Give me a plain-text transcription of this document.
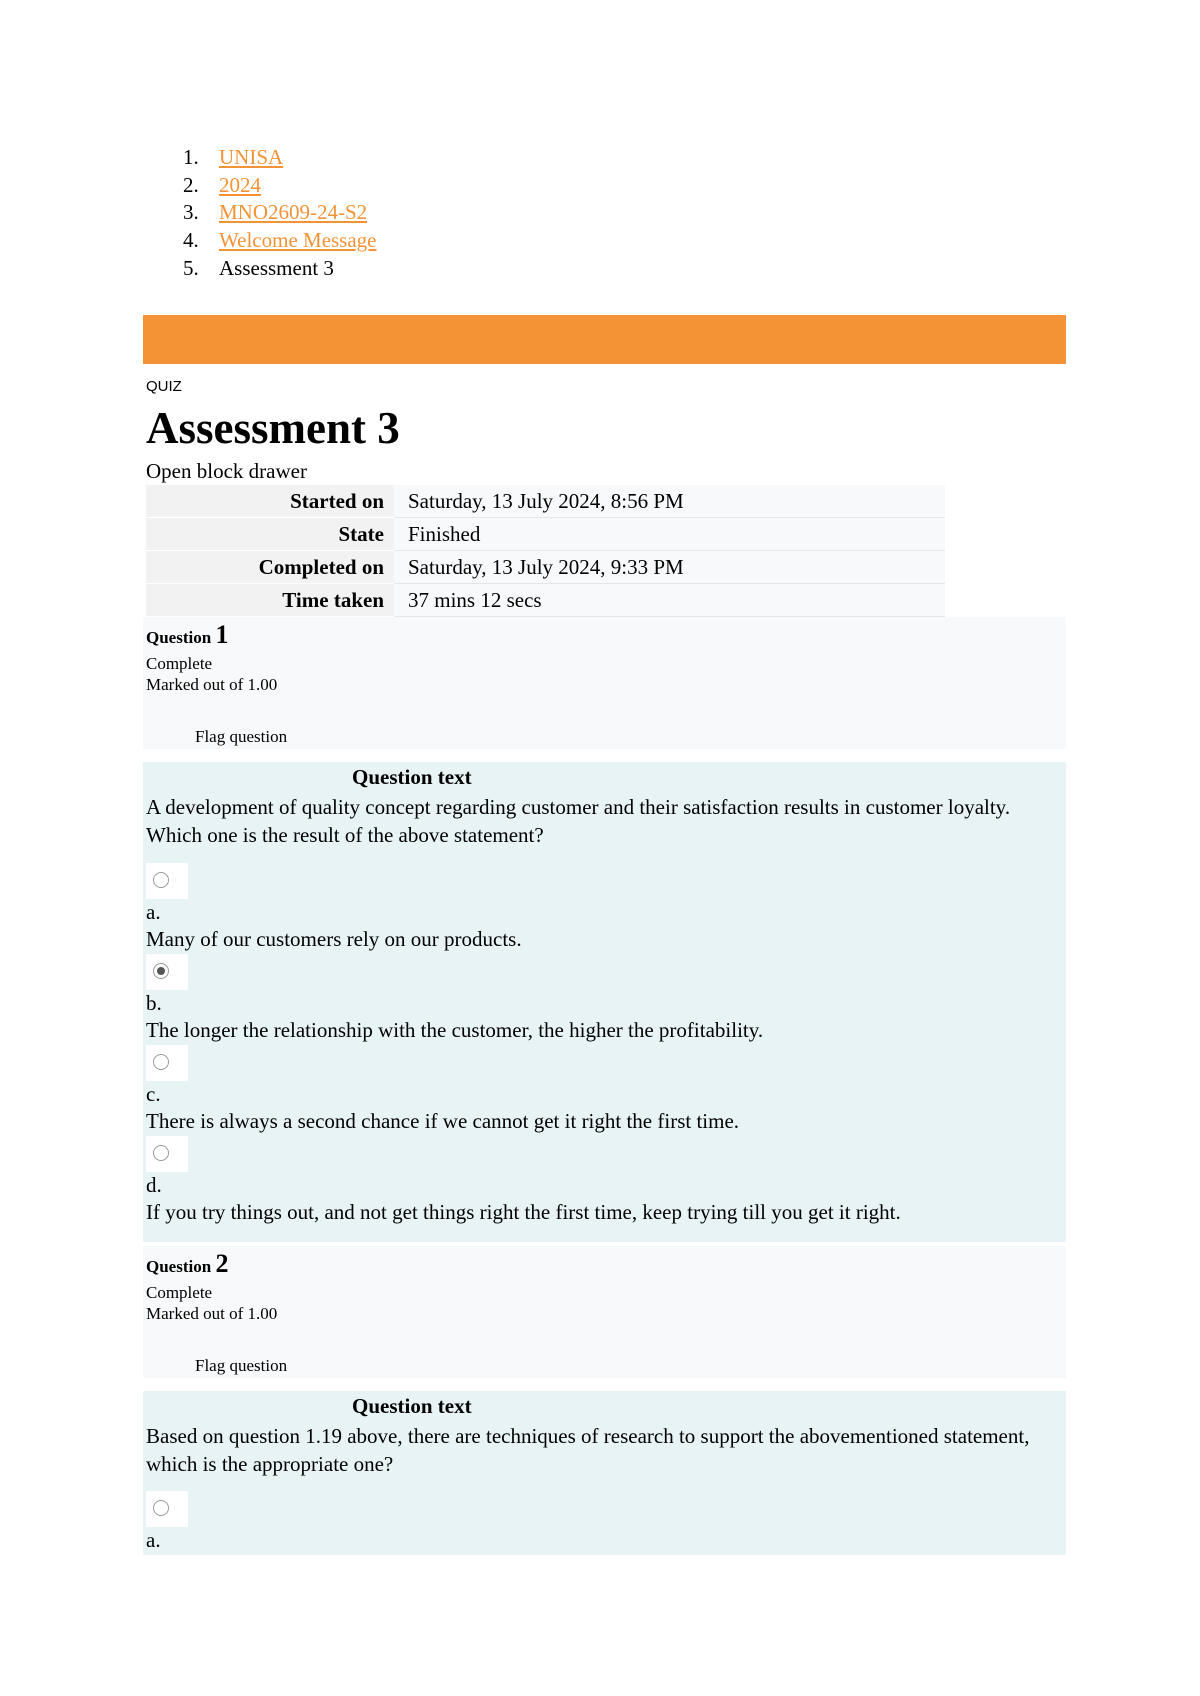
1. UNISA
2. 2024
3. MNO2609-24-S2
4. Welcome Message
5. Assessment 3
QUIZ
Assessment 3
Open block drawer
Started on	Saturday, 13 July 2024, 8:56 PM
State	Finished
Completed on	Saturday, 13 July 2024, 9:33 PM
Time taken	37 mins 12 secs
Question 1
Complete
Marked out of 1.00
Flag question
Question text
A development of quality concept regarding customer and their satisfaction results in customer loyalty. Which one is the result of the above statement?
a.
Many of our customers rely on our products.
b.
The longer the relationship with the customer, the higher the profitability.
c.
There is always a second chance if we cannot get it right the first time.
d.
If you try things out, and not get things right the first time, keep trying till you get it right.
Question 2
Complete
Marked out of 1.00
Flag question
Question text
Based on question 1.19 above, there are techniques of research to support the abovementioned statement, which is the appropriate one?
a.
